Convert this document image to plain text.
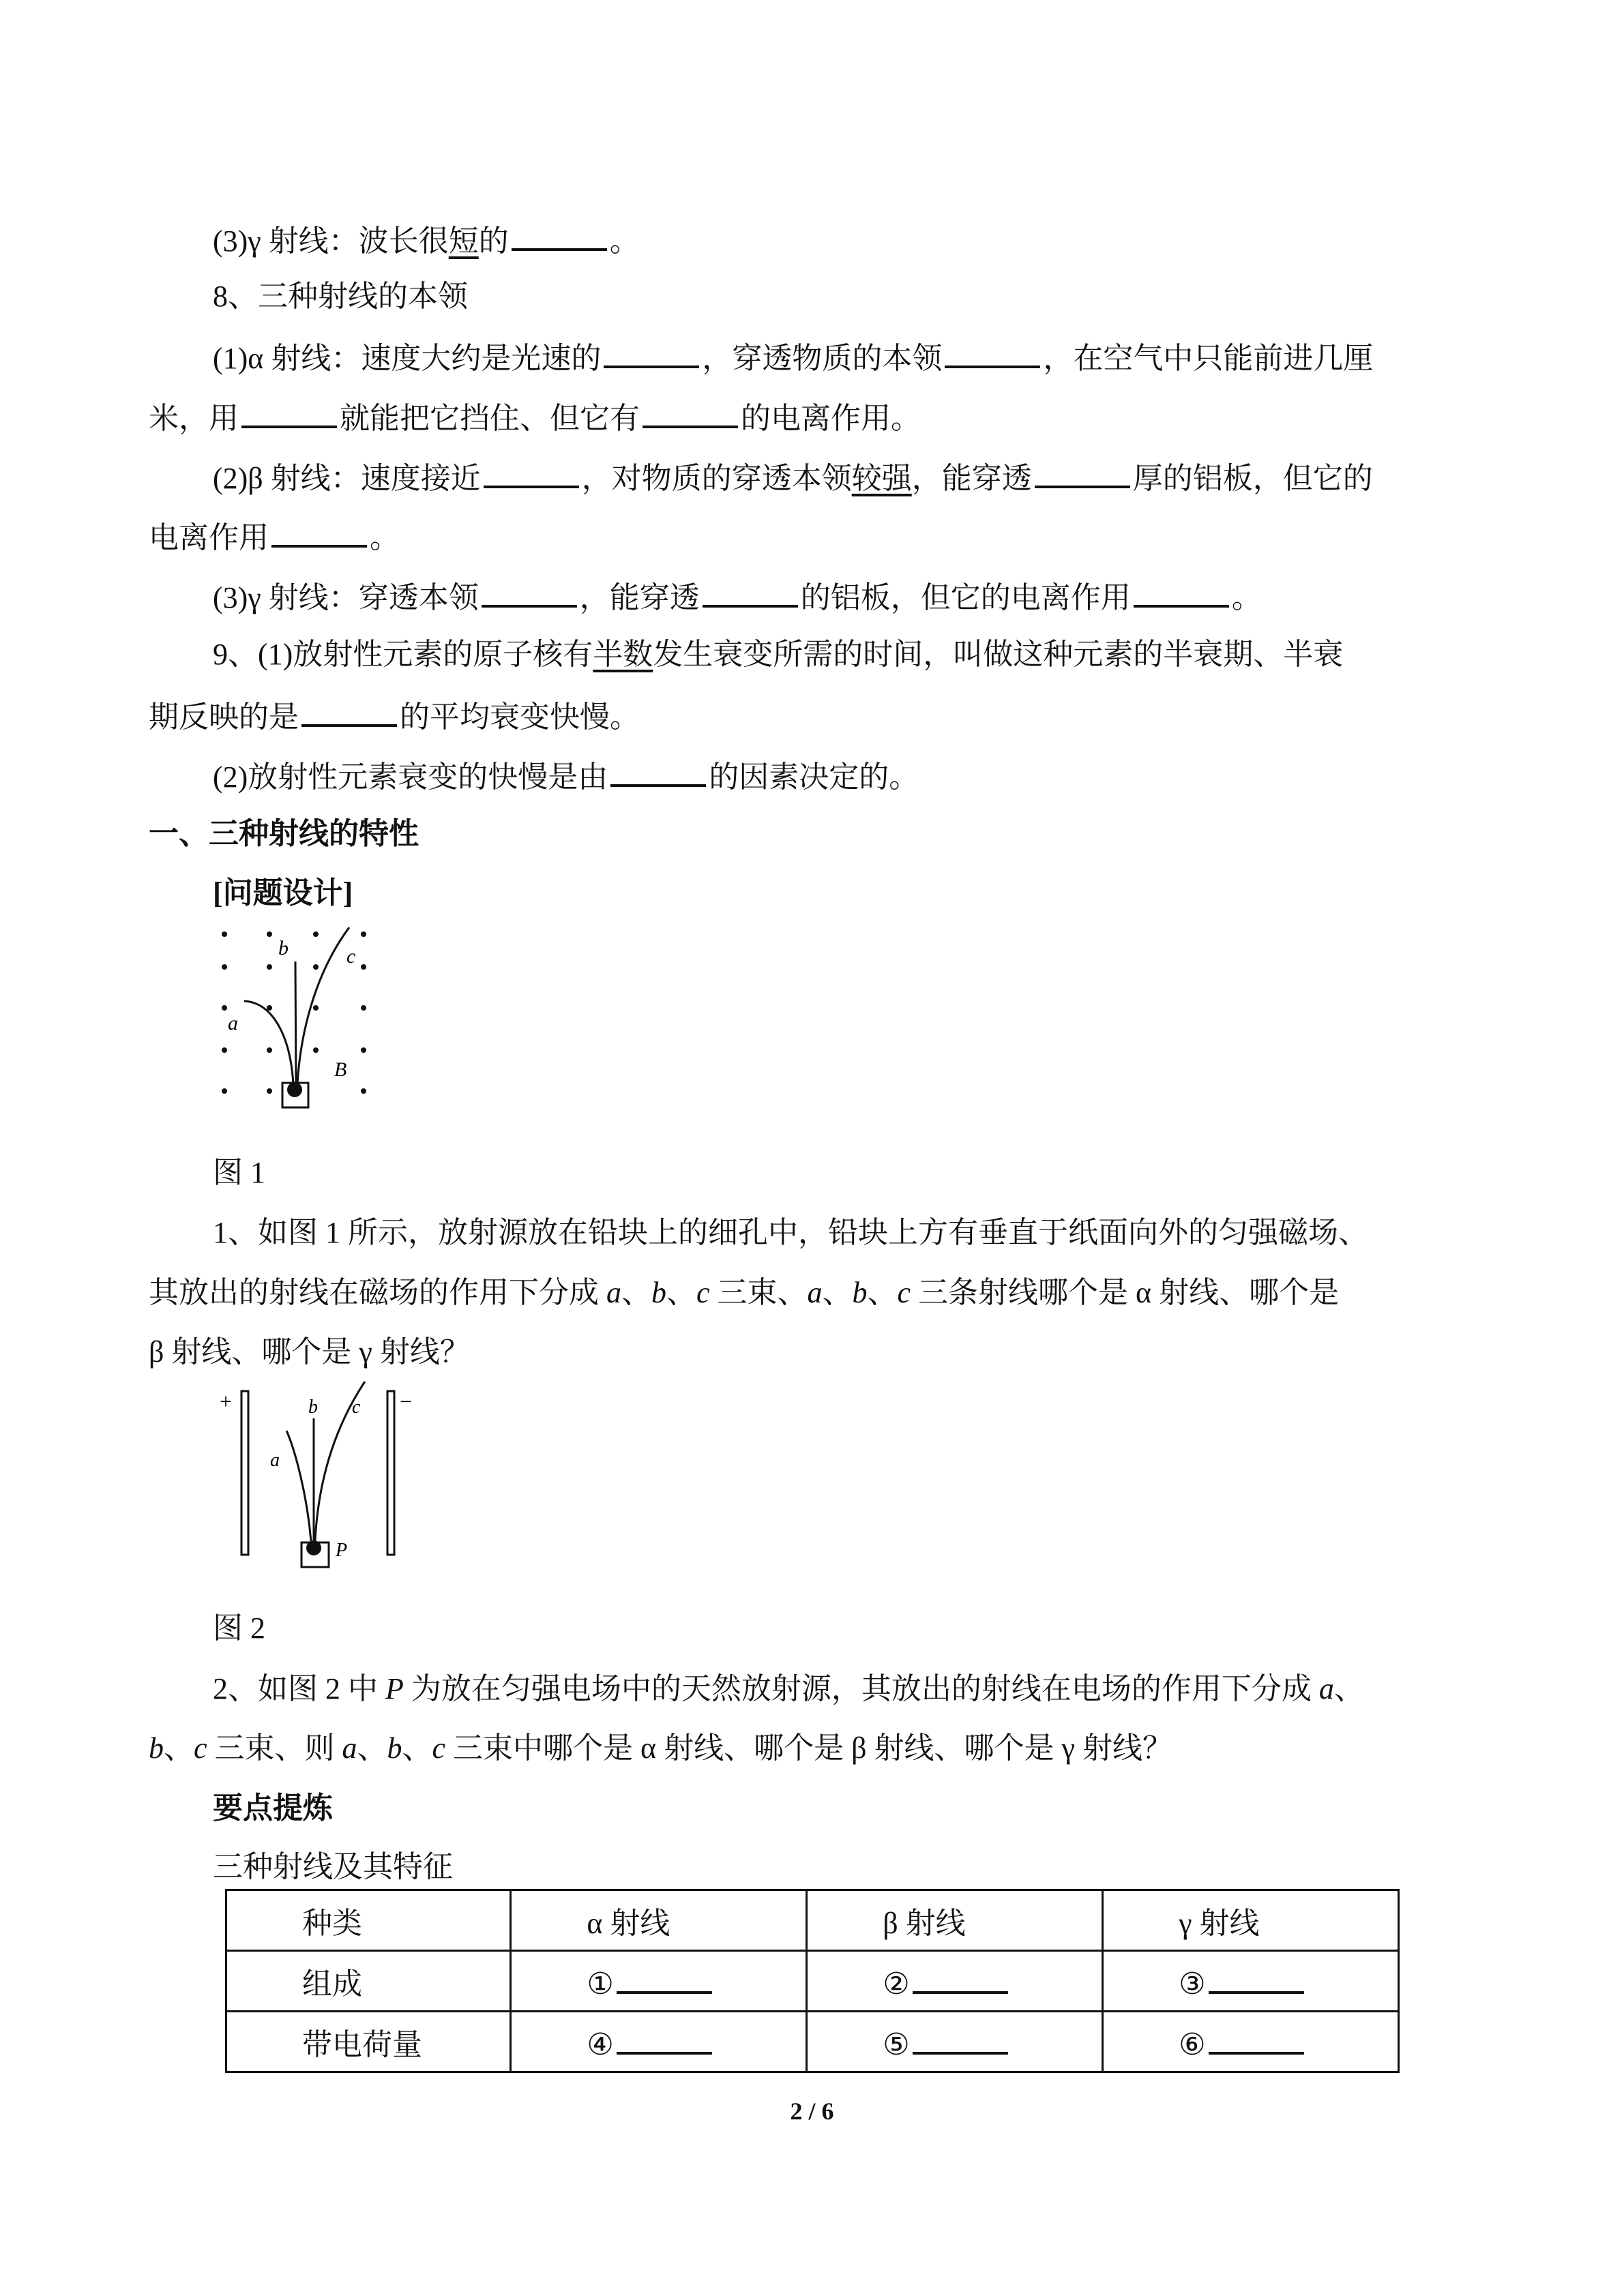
(3)γ 射线：波长很短的	。
8、三种射线的本领
(1)α 射线：速度大约是光速的	，穿透物质的本领	，在空气中只能前进几厘
米，用	就能把它挡住、但它有	的电离作用。
(2)β 射线：速度接近	，对物质的穿透本领较强，能穿透	厚的铝板，但它的
电离作用	。
(3)γ 射线：穿透本领	，能穿透	的铝板，但它的电离作用	。
9、(1)放射性元素的原子核有半数发生衰变所需的时间，叫做这种元素的半衰期、半衰
期反映的是	的平均衰变快慢。
(2)放射性元素衰变的快慢是由	的因素决定的。
一、三种射线的特性
[问题设计]
b	c
a
B
图 1
1、如图 1 所示，放射源放在铅块上的细孔中，铅块上方有垂直于纸面向外的匀强磁场、
其放出的射线在磁场的作用下分成 a、b、c 三束、a、b、c 三条射线哪个是 α 射线、哪个是
β 射线、哪个是 γ 射线？
+	−
b c
a
P
图 2
2、如图 2 中 P 为放在匀强电场中的天然放射源，其放出的射线在电场的作用下分成 a、
b、c 三束、则 a、b、c 三束中哪个是 α 射线、哪个是 β 射线、哪个是 γ 射线？
要点提炼
三种射线及其特征
种类	α 射线	β 射线	γ 射线
组成	①	②	③
带电荷量	④	⑤	⑥
2 / 6
